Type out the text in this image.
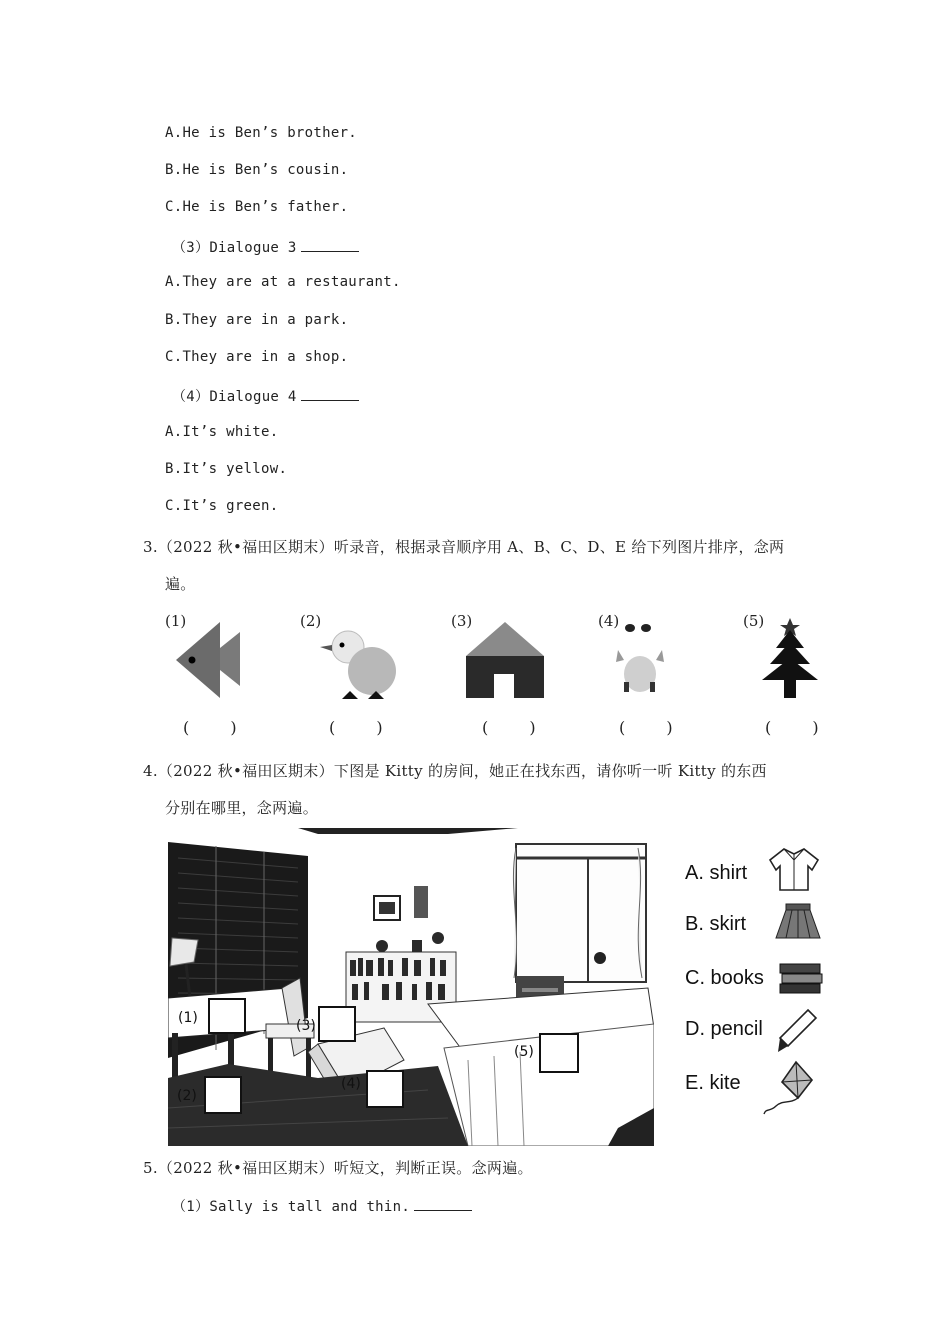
A.He is Ben’s brother.
B.He is Ben’s cousin.
C.He is Ben’s father.
（3）Dialogue 3
A.They are at a restaurant.
B.They are in a park.
C.They are in a shop.
（4）Dialogue 4
A.It’s white.
B.It’s yellow.
C.It’s green.
3.（2022 秋•福田区期末）听录音，根据录音顺序用 A、B、C、D、E 给下列图片排序，念两
遍。
(1)	(2)	(3)	(4)	(5)
( )	( )	( )	( )	( )
4.（2022 秋•福田区期末）下图是 Kitty 的房间，她正在找东西，请你听一听 Kitty 的东西
分别在哪里，念两遍。
(1)
(2)
(3)
(4)
(5)
A. shirt
B. skirt
C. books
D. pencil
E. kite
5.（2022 秋•福田区期末）听短文，判断正误。念两遍。
（1）Sally is tall and thin.
